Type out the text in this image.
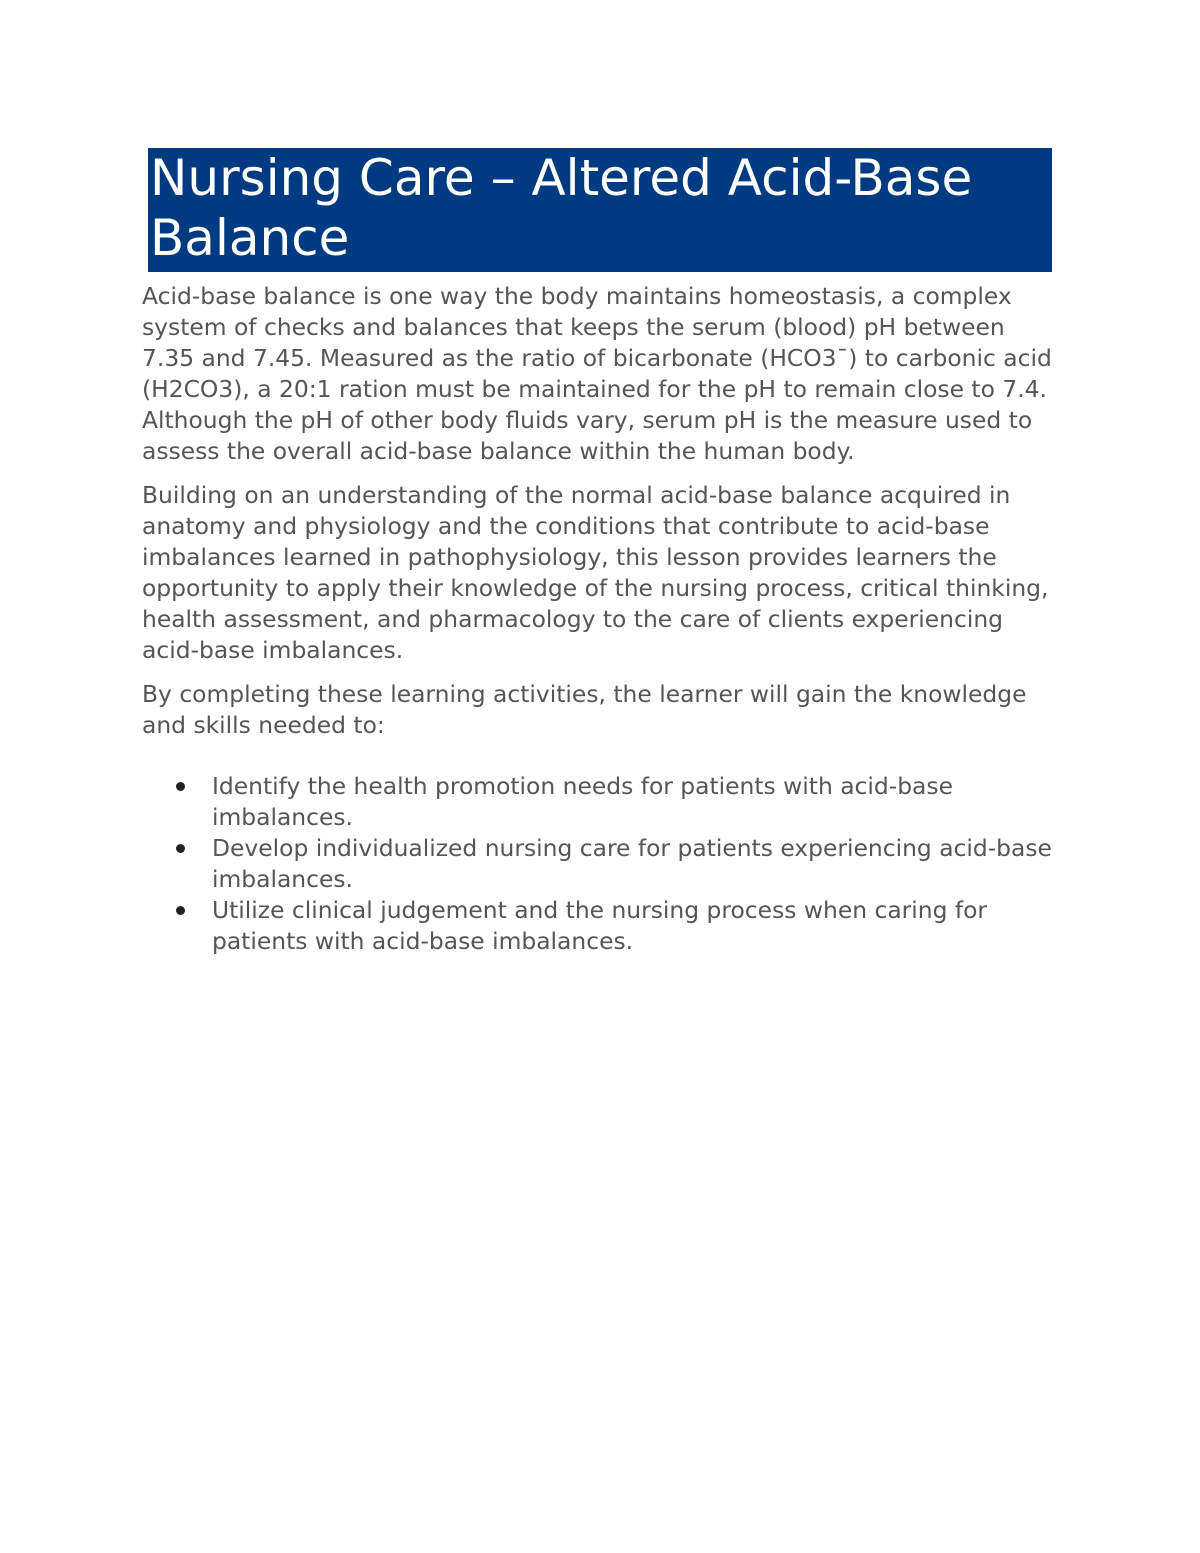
Nursing Care – Altered Acid-Base Balance

Acid-base balance is one way the body maintains homeostasis, a complex system of checks and balances that keeps the serum (blood) pH between 7.35 and 7.45. Measured as the ratio of bicarbonate (HCO3ˉ) to carbonic acid (H2CO3), a 20:1 ration must be maintained for the pH to remain close to 7.4. Although the pH of other body fluids vary, serum pH is the measure used to assess the overall acid-base balance within the human body.

Building on an understanding of the normal acid-base balance acquired in anatomy and physiology and the conditions that contribute to acid-base imbalances learned in pathophysiology, this lesson provides learners the opportunity to apply their knowledge of the nursing process, critical thinking, health assessment, and pharmacology to the care of clients experiencing acid-base imbalances.

By completing these learning activities, the learner will gain the knowledge and skills needed to:

Identify the health promotion needs for patients with acid-base imbalances.
Develop individualized nursing care for patients experiencing acid-base imbalances.
Utilize clinical judgement and the nursing process when caring for patients with acid-base imbalances.
